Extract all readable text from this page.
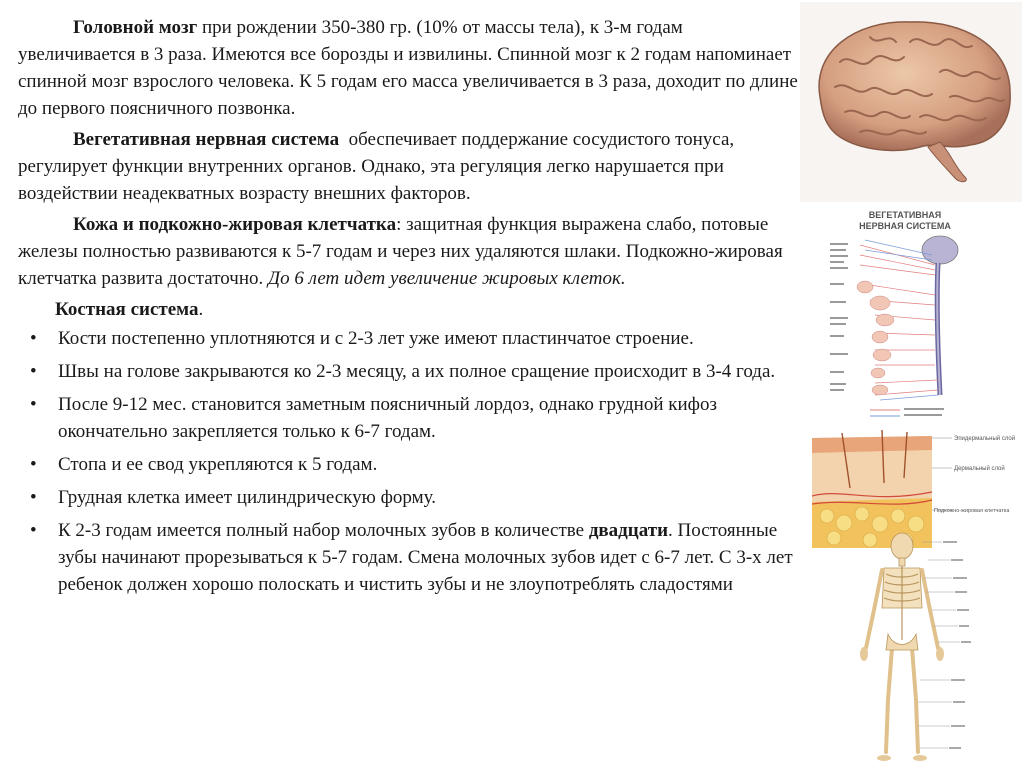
Головной мозг при рождении 350-380 гр. (10% от массы тела), к 3-м годам увеличивается в 3 раза. Имеются все борозды и извилины. Спинной мозг к 2 годам напоминает спинной мозг взрослого человека. К 5 годам его масса увеличивается в 3 раза, доходит по длине до первого поясничного позвонка.

Вегетативная нервная система  обеспечивает поддержание сосудистого тонуса, регулирует функции внутренних органов. Однако, эта регуляция легко нарушается при воздействии неадекватных возрасту внешних факторов.

Кожа и подкожно-жировая клетчатка: защитная функция выражена слабо, потовые железы полностью развиваются к 5-7 годам и через них удаляются шлаки. Подкожно-жировая клетчатка развита достаточно. До 6 лет идет увеличение жировых клеток.

Костная система.
• Кости постепенно уплотняются и с 2-3 лет уже имеют пластинчатое строение.
• Швы на голове закрываются ко 2-3 месяцу, а их полное сращение происходит в 3-4 года.
• После 9-12 мес. становится заметным поясничный лордоз, однако грудной кифоз окончательно закрепляется только к 6-7 годам.
• Стопа и ее свод укрепляются к 5 годам.
• Грудная клетка имеет цилиндрическую форму.
• К 2-3 годам имеется полный набор молочных зубов в количестве двадцати. Постоянные зубы начинают прорезываться к 5-7 годам. Смена молочных зубов идет с 6-7 лет. С 3-х лет ребенок должен хорошо полоскать и чистить зубы и не злоупотреблять сладостями
ВЕГЕТАТИВНАЯ
НЕРВНАЯ СИСТЕМА
Эпидермальный слой
Дермальный слой
Подкожно-жировая клетчатка
